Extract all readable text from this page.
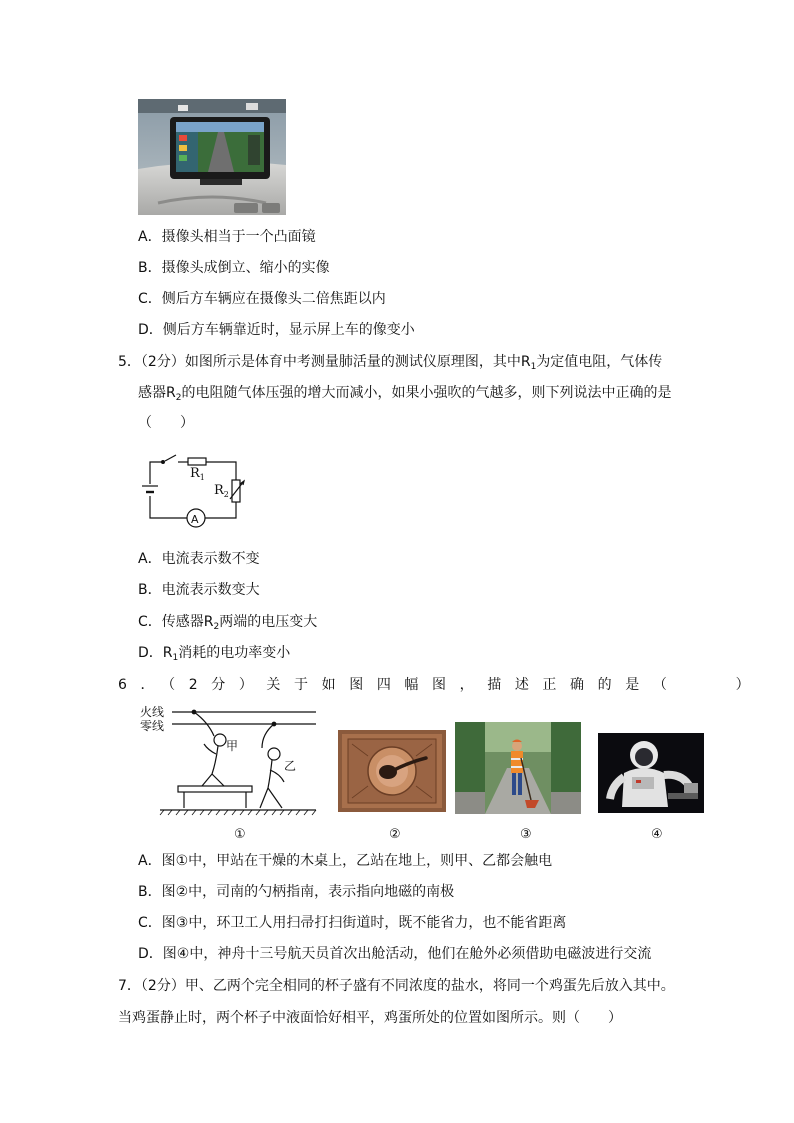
A．摄像头相当于一个凸面镜
B．摄像头成倒立、缩小的实像
C．侧后方车辆应在摄像头二倍焦距以内
D．侧后方车辆靠近时，显示屏上车的像变小
5．（2分）如图所示是体育中考测量肺活量的测试仪原理图，其中$R_1$为定值电阻，气体传
感器$R_2$的电阻随气体压强的增大而减小，如果小强吹的气越多，则下列说法中正确的是
（　　）
$R_1$
$R_2$
A
A．电流表示数不变
B．电流表示数变大
C．传感器$R_2$两端的电压变大
D．$R_1$消耗的电功率变小
6．（2分）关于如图四幅图，描述正确的是（　　）
火线
零线
甲
乙
①	②	③	④
A．图①中，甲站在干燥的木桌上，乙站在地上，则甲、乙都会触电
B．图②中，司南的勺柄指南，表示指向地磁的南极
C．图③中，环卫工人用扫帚打扫街道时，既不能省力，也不能省距离
D．图④中，神舟十三号航天员首次出舱活动，他们在舱外必须借助电磁波进行交流
7．（2分）甲、乙两个完全相同的杯子盛有不同浓度的盐水，将同一个鸡蛋先后放入其中。
当鸡蛋静止时，两个杯子中液面恰好相平，鸡蛋所处的位置如图所示。则（　　）
